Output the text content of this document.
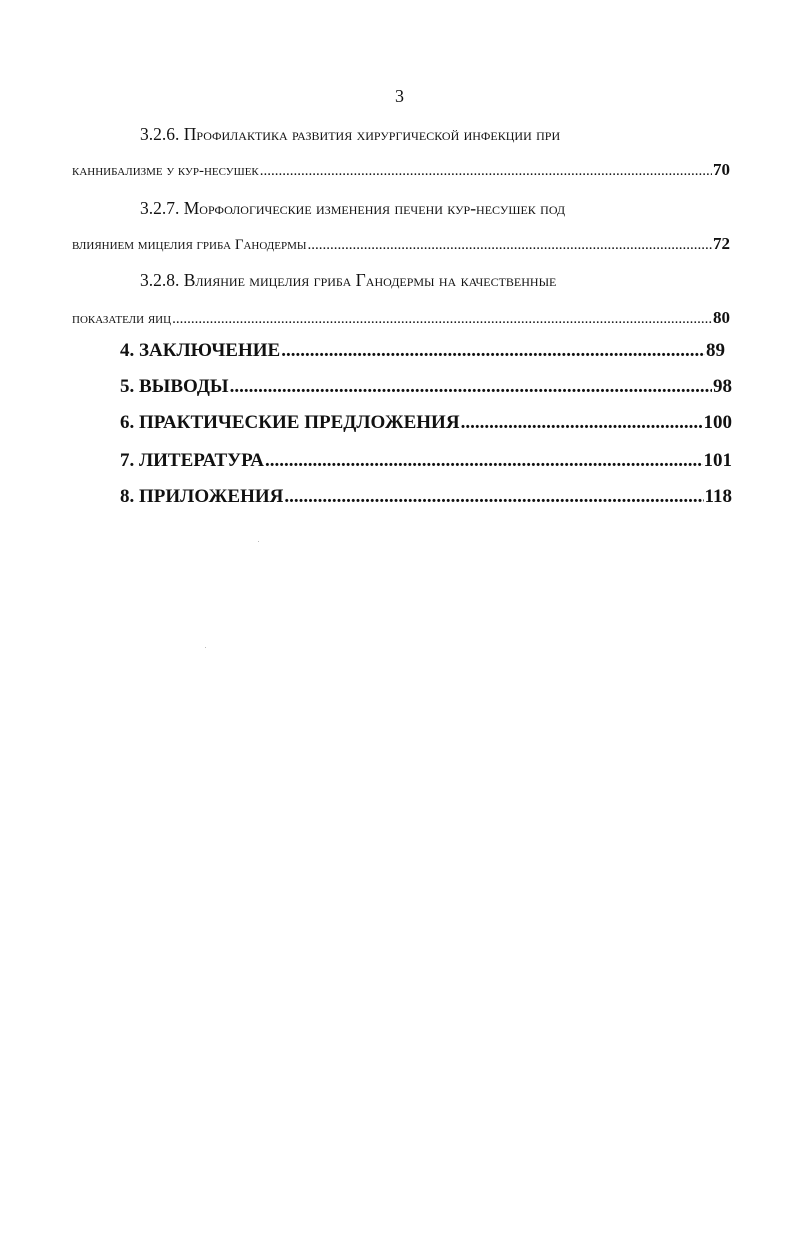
3
3.2.6. Профилактика развития хирургической инфекции при
каннибализме у кур-несушек .....	70
3.2.7. Морфологические изменения печени кур-несушек под
влиянием мицелия гриба Ганодермы .....	72
3.2.8. Влияние мицелия гриба Ганодермы на качественные
показатели яиц .....	80
4. ЗАКЛЮЧЕНИЕ .....	89
5. ВЫВОДЫ .....	98
6. ПРАКТИЧЕСКИЕ ПРЕДЛОЖЕНИЯ .....	100
7. ЛИТЕРАТУРА .....	101
8. ПРИЛОЖЕНИЯ .....	118
